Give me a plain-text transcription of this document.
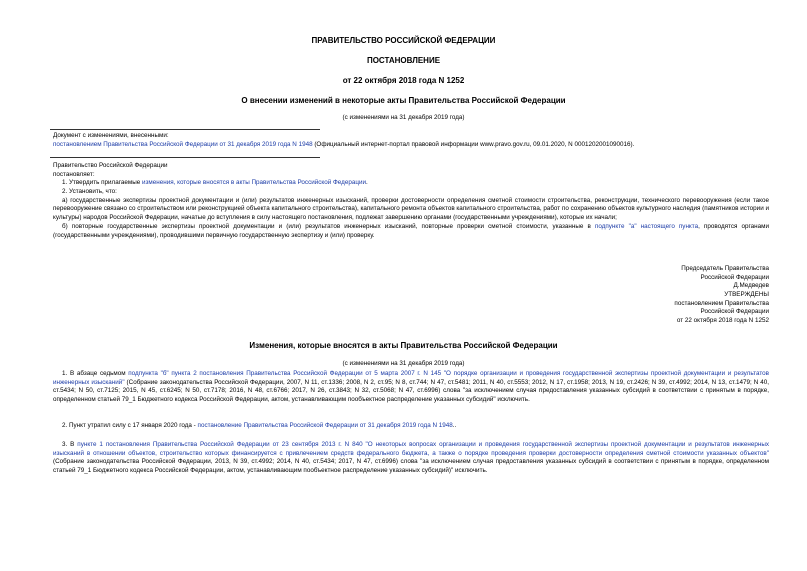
ПРАВИТЕЛЬСТВО РОССИЙСКОЙ ФЕДЕРАЦИИ
ПОСТАНОВЛЕНИЕ
от 22 октября 2018 года N 1252
О внесении изменений в некоторые акты Правительства Российской Федерации
(с изменениями на 31 декабря 2019 года)

Документ с изменениями, внесенными:

постановлением Правительства Российской Федерации от 31 декабря 2019 года N 1948 (Официальный интернет-портал правовой информации www.pravo.gov.ru, 09.01.2020, N 0001202001090016).

Правительство Российской Федерации

постановляет:

1. Утвердить прилагаемые изменения, которые вносятся в акты Правительства Российской Федерации.

2. Установить, что:

а) государственные экспертизы проектной документации и (или) результатов инженерных изысканий, проверки достоверности определения сметной стоимости строительства, реконструкции, технического перевооружения (если такое перевооружение связано со строительством или реконструкцией объекта капитального строительства), капитального ремонта объектов капитального строительства, работ по сохранению объектов культурного наследия (памятников истории и культуры) народов Российской Федерации, начатые до вступления в силу настоящего постановления, подлежат завершению органами (государственными учреждениями), которые их начали;

б) повторные государственные экспертизы проектной документации и (или) результатов инженерных изысканий, повторные проверки сметной стоимости, указанные в подпункте "а" настоящего пункта, проводятся органами (государственными учреждениями), проводившими первичную государственную экспертизу и (или) проверку.

Председатель Правительства

Российской Федерации

Д.Медведев

УТВЕРЖДЕНЫ

постановлением Правительства

Российской Федерации

от 22 октября 2018 года N 1252

Изменения, которые вносятся в акты Правительства Российской Федерации
(с изменениями на 31 декабря 2019 года)
1. В абзаце седьмом подпункта "б" пункта 2 постановления Правительства Российской Федерации от 5 марта 2007 г. N 145 "О порядке организации и проведения государственной экспертизы проектной документации и результатов инженерных изысканий" (Собрание законодательства Российской Федерации, 2007, N 11, ст.1336; 2008, N 2, ст.95; N 8, ст.744; N 47, ст.5481; 2011, N 40, ст.5553; 2012, N 17, ст.1958; 2013, N 19, ст.2426; N 39, ст.4992; 2014, N 13, ст.1479; N 40, ст.5434; N 50, ст.7125; 2015, N 45, ст.6245; N 50, ст.7178; 2016, N 48, ст.6766; 2017, N 26, ст.3843; N 32, ст.5068; N 47, ст.6996) слова "за исключением случая предоставления указанных субсидий в соответствии с принятым в порядке, определенном статьей 79_1 Бюджетного кодекса Российской Федерации, актом, устанавливающим пообъектное распределение указанных субсидий" исключить.
2. Пункт утратил силу с 17 января 2020 года - постановление Правительства Российской Федерации от 31 декабря 2019 года N 1948..
3. В пункте 1 постановления Правительства Российской Федерации от 23 сентября 2013 г. N 840 "О некоторых вопросах организации и проведения государственной экспертизы проектной документации и результатов инженерных изысканий в отношении объектов, строительство которых финансируется с привлечением средств федерального бюджета, а также о порядке проведения проверки достоверности определения сметной стоимости указанных объектов" (Собрание законодательства Российской Федерации, 2013, N 39, ст.4992; 2014, N 40, ст.5434; 2017, N 47, ст.6996) слова "за исключением случая предоставления указанных субсидий в соответствии с принятым в порядке, определенном статьей 79_1 Бюджетного кодекса Российской Федерации, актом, устанавливающим пообъектное распределение указанных субсидий)" исключить.
